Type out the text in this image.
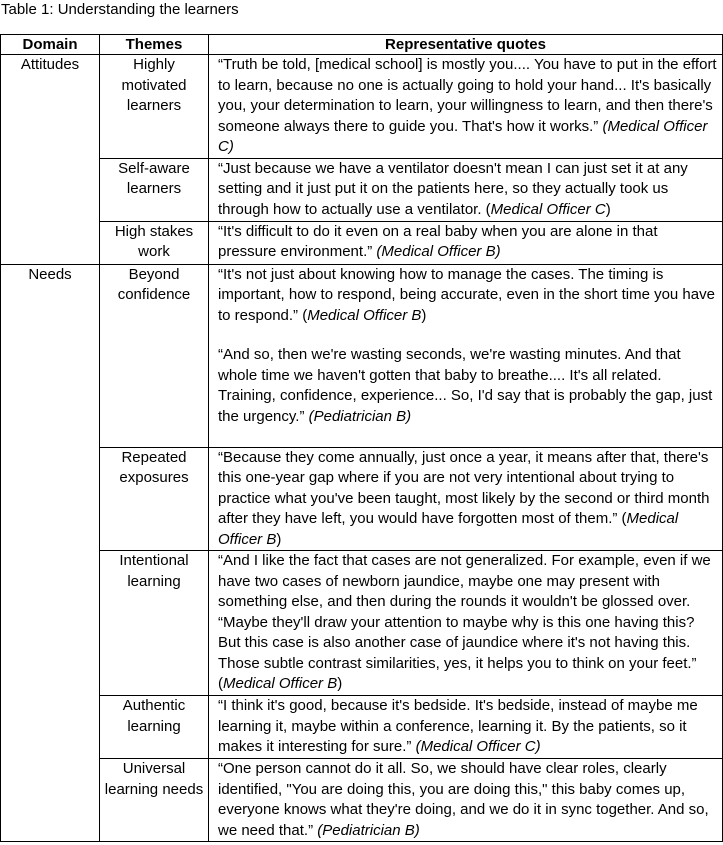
Table 1: Understanding the learners
Domain	Themes	Representative quotes
Attitudes	Highly motivated learners	“Truth be told, [medical school] is mostly you.... You have to put in the effort to learn, because no one is actually going to hold your hand... It's basically you, your determination to learn, your willingness to learn, and then there's someone always there to guide you. That's how it works.” (Medical Officer C)

	Self-aware learners	“Just because we have a ventilator doesn't mean I can just set it at any setting and it just put it on the patients here, so they actually took us through how to actually use a ventilator. (Medical Officer C)

	High stakes work	“It's difficult to do it even on a real baby when you are alone in that pressure environment.” (Medical Officer B)

Needs	Beyond confidence	“It's not just about knowing how to manage the cases. The timing is important, how to respond, being accurate, even in the short time you have to respond.” (Medical Officer B)
“And so, then we're wasting seconds, we're wasting minutes. And that whole time we haven't gotten that baby to breathe.... It's all related. Training, confidence, experience... So, I'd say that is probably the gap, just the urgency.” (Pediatrician B)

	Repeated exposures	“Because they come annually, just once a year, it means after that, there's this one-year gap where if you are not very intentional about trying to practice what you've been taught, most likely by the second or third month after they have left, you would have forgotten most of them.” (Medical Officer B)

	Intentional learning	“And I like the fact that cases are not generalized. For example, even if we have two cases of newborn jaundice, maybe one may present with something else, and then during the rounds it wouldn't be glossed over. “Maybe they'll draw your attention to maybe why is this one having this? But this case is also another case of jaundice where it's not having this. Those subtle contrast similarities, yes, it helps you to think on your feet.” (Medical Officer B)

	Authentic learning	“I think it's good, because it's bedside. It's bedside, instead of maybe me learning it, maybe within a conference, learning it. By the patients, so it makes it interesting for sure.” (Medical Officer C)

	Universal learning needs	“One person cannot do it all. So, we should have clear roles, clearly identified, "You are doing this, you are doing this," this baby comes up, everyone knows what they're doing, and we do it in sync together. And so, we need that.” (Pediatrician B)
